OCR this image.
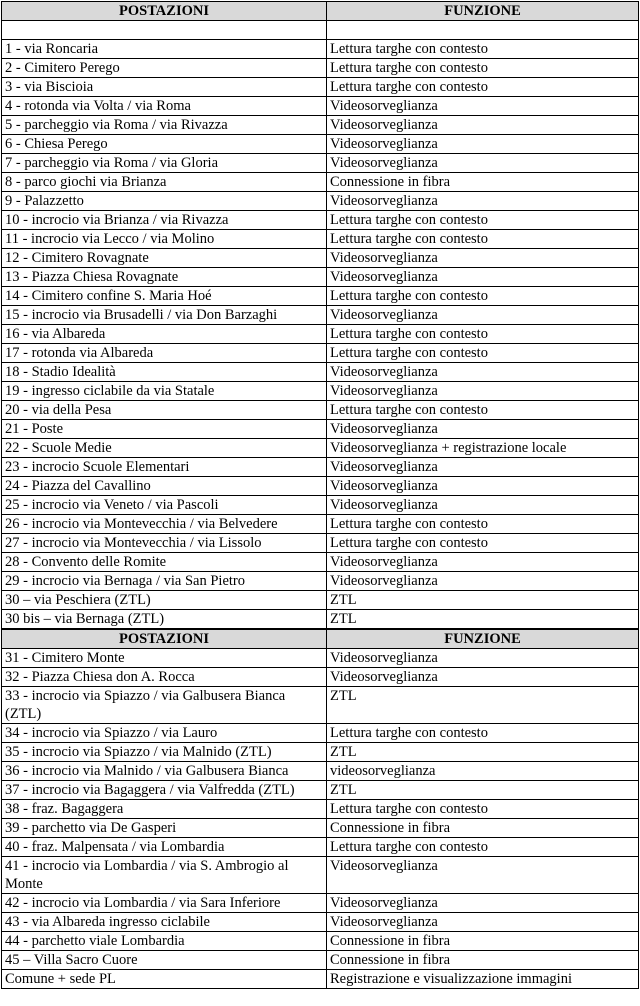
POSTAZIONI	FUNZIONE

1 - via Roncaria	Lettura targhe con contesto
2 - Cimitero Perego	Lettura targhe con contesto
3 - via Biscioia	Lettura targhe con contesto
4 - rotonda via Volta / via Roma	Videosorveglianza
5 - parcheggio via Roma / via Rivazza	Videosorveglianza
6 - Chiesa Perego	Videosorveglianza
7 - parcheggio via Roma / via Gloria	Videosorveglianza
8 - parco giochi via Brianza	Connessione in fibra
9 - Palazzetto	Videosorveglianza
10 - incrocio via Brianza / via Rivazza	Lettura targhe con contesto
11 - incrocio via Lecco / via Molino	Lettura targhe con contesto
12 - Cimitero Rovagnate	Videosorveglianza
13 - Piazza Chiesa Rovagnate	Videosorveglianza
14 - Cimitero confine S. Maria Hoé	Lettura targhe con contesto
15 - incrocio via Brusadelli / via Don Barzaghi	Videosorveglianza
16 - via Albareda	Lettura targhe con contesto
17 - rotonda via Albareda	Lettura targhe con contesto
18 - Stadio Idealità	Videosorveglianza
19 - ingresso ciclabile da via Statale	Videosorveglianza
20 - via della Pesa	Lettura targhe con contesto
21 - Poste	Videosorveglianza
22 - Scuole Medie	Videosorveglianza + registrazione locale
23 - incrocio Scuole Elementari	Videosorveglianza
24 - Piazza del Cavallino	Videosorveglianza
25 - incrocio via Veneto / via Pascoli	Videosorveglianza
26 - incrocio via Montevecchia / via Belvedere	Lettura targhe con contesto
27 - incrocio via Montevecchia / via Lissolo	Lettura targhe con contesto
28 - Convento delle Romite	Videosorveglianza
29 - incrocio via Bernaga / via San Pietro	Videosorveglianza
30 – via Peschiera (ZTL)	ZTL
30 bis – via Bernaga (ZTL)	ZTL
POSTAZIONI	FUNZIONE
31 - Cimitero Monte	Videosorveglianza
32 - Piazza Chiesa don A. Rocca	Videosorveglianza
33 - incrocio via Spiazzo / via Galbusera Bianca (ZTL)	ZTL
34 - incrocio via Spiazzo / via Lauro	Lettura targhe con contesto
35 - incrocio via Spiazzo / via Malnido (ZTL)	ZTL
36 - incrocio via Malnido / via Galbusera Bianca	videosorveglianza
37 - incrocio via Bagaggera / via Valfredda (ZTL)	ZTL
38 - fraz. Bagaggera	Lettura targhe con contesto
39 - parchetto via De Gasperi	Connessione in fibra
40 - fraz. Malpensata / via Lombardia	Lettura targhe con contesto
41 - incrocio via Lombardia / via S. Ambrogio al Monte	Videosorveglianza
42 - incrocio via Lombardia / via Sara Inferiore	Videosorveglianza
43 - via Albareda ingresso ciclabile	Videosorveglianza
44 - parchetto viale Lombardia	Connessione in fibra
45 – Villa Sacro Cuore	Connessione in fibra
Comune + sede PL	Registrazione e visualizzazione immagini
